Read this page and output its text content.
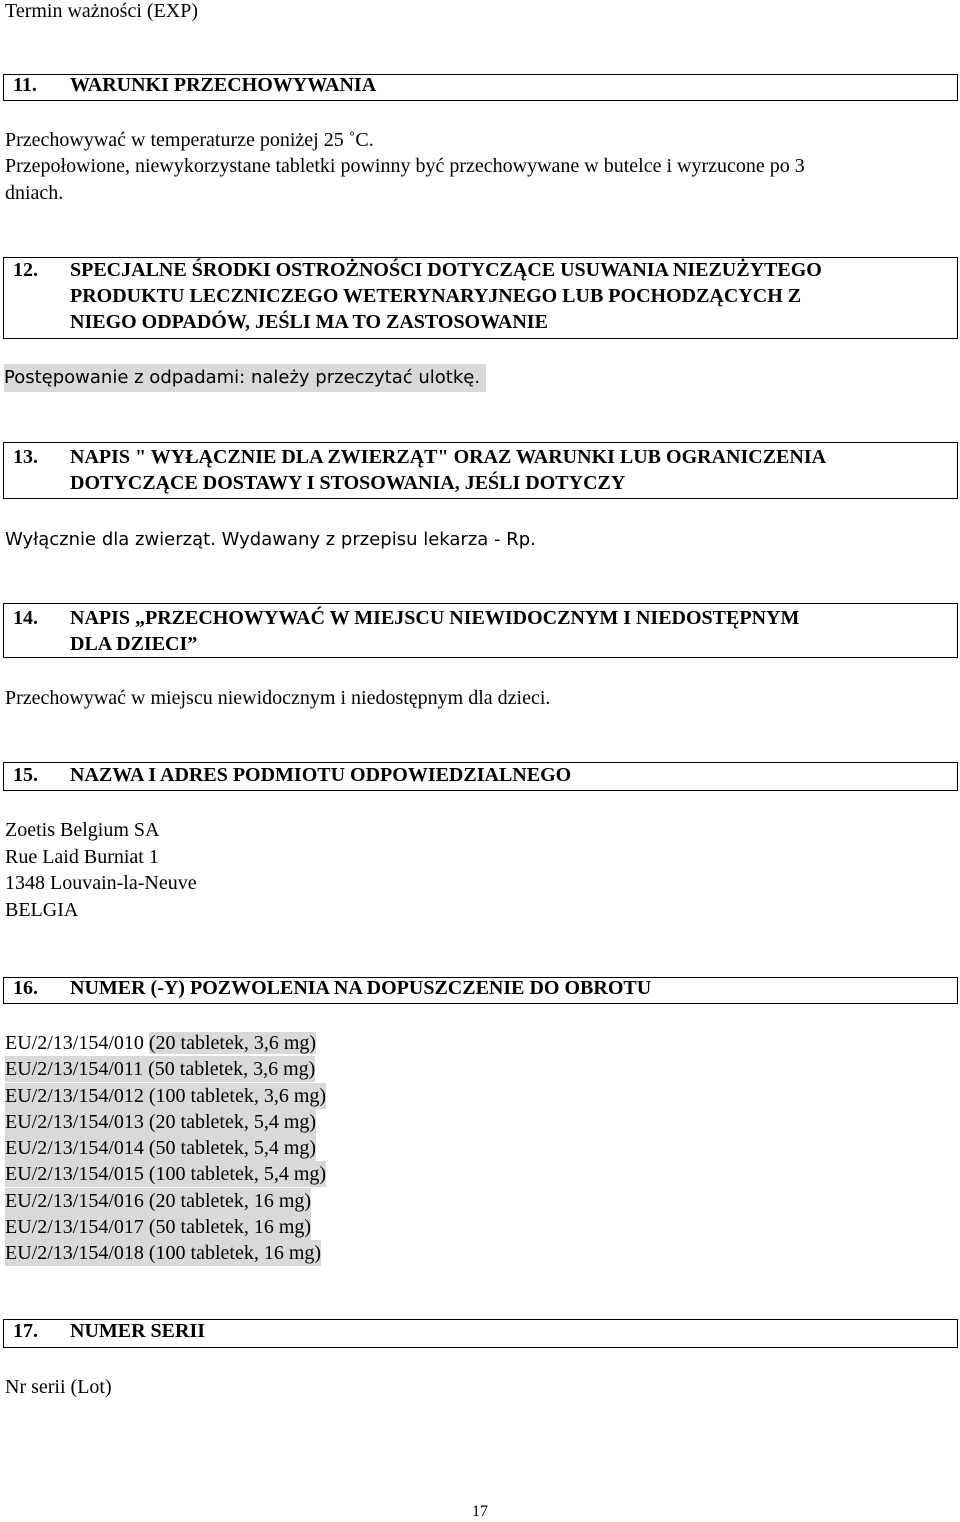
Termin ważności (EXP)
11. WARUNKI PRZECHOWYWANIA
Przechowywać w temperaturze poniżej 25 ˚C.
Przepołowione, niewykorzystane tabletki powinny być przechowywane w butelce i wyrzucone po 3
dniach.
12. SPECJALNE ŚRODKI OSTROŻNOŚCI DOTYCZĄCE USUWANIA NIEZUŻYTEGO
PRODUKTU LECZNICZEGO WETERYNARYJNEGO LUB POCHODZĄCYCH Z
NIEGO ODPADÓW, JEŚLI MA TO ZASTOSOWANIE
Postępowanie z odpadami: należy przeczytać ulotkę.
13. NAPIS " WYŁĄCZNIE DLA ZWIERZĄT" ORAZ WARUNKI LUB OGRANICZENIA
DOTYCZĄCE DOSTAWY I STOSOWANIA, JEŚLI DOTYCZY
Wyłącznie dla zwierząt. Wydawany z przepisu lekarza - Rp.
14. NAPIS „PRZECHOWYWAĆ W MIEJSCU NIEWIDOCZNYM I NIEDOSTĘPNYM
DLA DZIECI”
Przechowywać w miejscu niewidocznym i niedostępnym dla dzieci.
15. NAZWA I ADRES PODMIOTU ODPOWIEDZIALNEGO
Zoetis Belgium SA
Rue Laid Burniat 1
1348 Louvain-la-Neuve
BELGIA
16. NUMER (-Y) POZWOLENIA NA DOPUSZCZENIE DO OBROTU
EU/2/13/154/010 (20 tabletek, 3,6 mg)
EU/2/13/154/011 (50 tabletek, 3,6 mg)
EU/2/13/154/012 (100 tabletek, 3,6 mg)
EU/2/13/154/013 (20 tabletek, 5,4 mg)
EU/2/13/154/014 (50 tabletek, 5,4 mg)
EU/2/13/154/015 (100 tabletek, 5,4 mg)
EU/2/13/154/016 (20 tabletek, 16 mg)
EU/2/13/154/017 (50 tabletek, 16 mg)
EU/2/13/154/018 (100 tabletek, 16 mg)
17. NUMER SERII
Nr serii (Lot)
17
